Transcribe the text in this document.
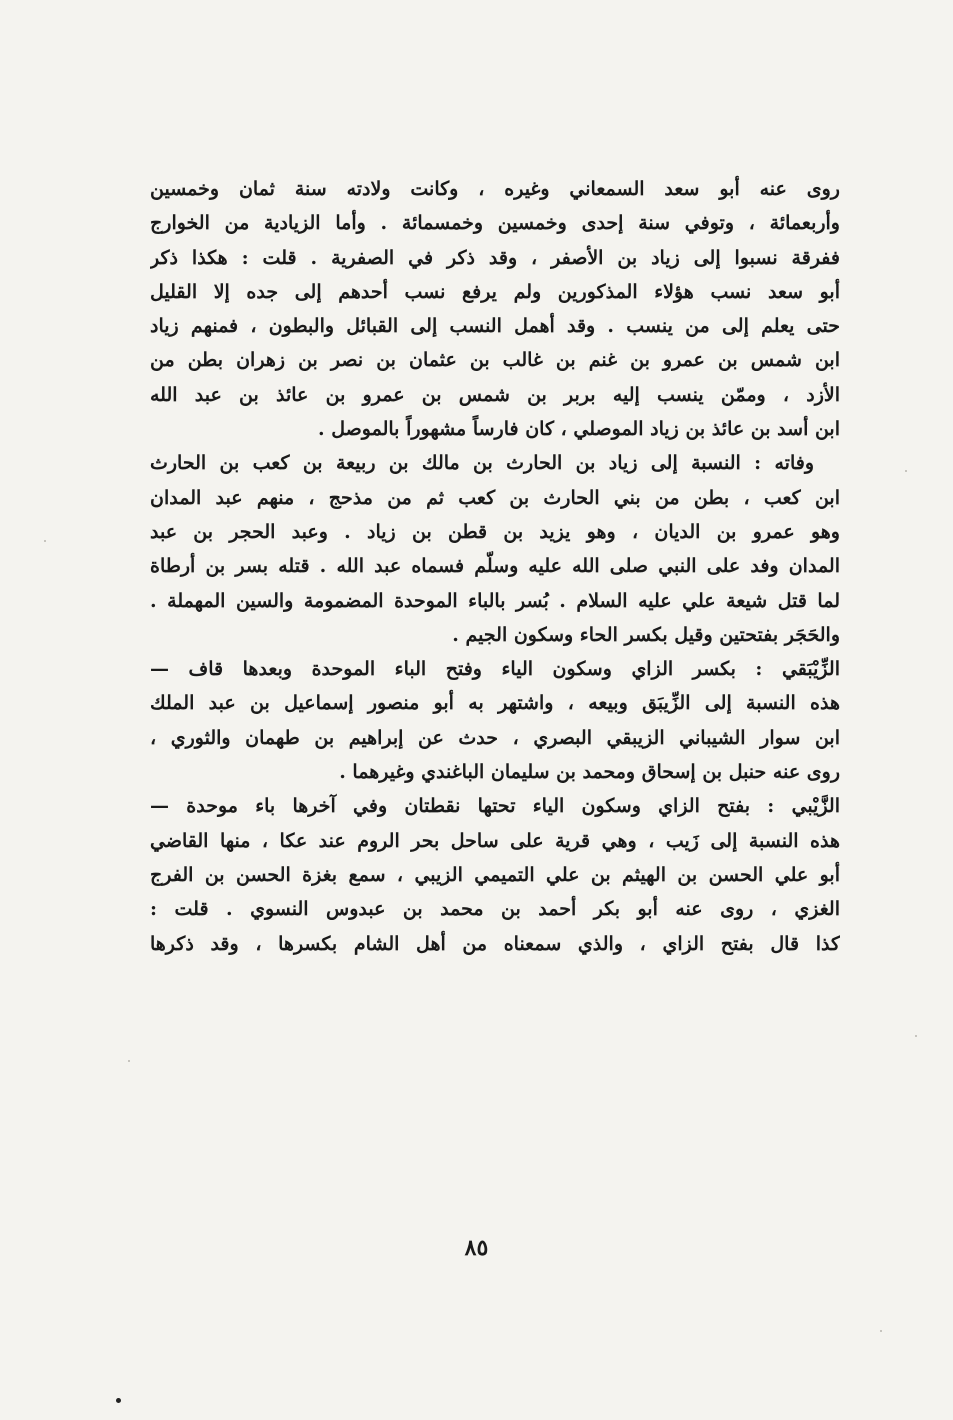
روى عنه أبو سعد السمعاني وغيره ، وكانت ولادته سنة ثمان وخمسين
وأربعمائة ، وتوفي سنة إحدى وخمسين وخمسمائة . وأما الزيادية من الخوارج
ففرقة نسبوا إلى زياد بن الأصفر ، وقد ذكر في الصفرية . قلت : هكذا ذكر
أبو سعد نسب هؤلاء المذكورين ولم يرفع نسب أحدهم إلى جده إلا القليل
حتى يعلم إلى من ينسب . وقد أهمل النسب إلى القبائل والبطون ، فمنهم زياد
ابن شمس بن عمرو بن غنم بن غالب بن عثمان بن نصر بن زهران بطن من
الأزد ، وممّن ينسب إليه بربر بن شمس بن عمرو بن عائذ بن عبد الله
ابن أسد بن عائذ بن زياد الموصلي ، كان فارساً مشهوراً بالموصل .
وفاته : النسبة إلى زياد بن الحارث بن مالك بن ربيعة بن كعب بن الحارث
ابن كعب ، بطن من بني الحارث بن كعب ثم من مذحج ، منهم عبد المدان
وهو عمرو بن الديان ، وهو يزيد بن قطن بن زياد . وعبد الحجر بن عبد
المدان وفد على النبي صلى الله عليه وسلّم فسماه عبد الله . قتله بسر بن أرطاة
لما قتل شيعة علي عليه السلام . بُسر بالباء الموحدة المضمومة والسين المهملة .
والحَجَر بفتحتين وقيل بكسر الحاء وسكون الجيم .
الزِّيْبَقي : بكسر الزاي وسكون الياء وفتح الباء الموحدة وبعدها قاف —
هذه النسبة إلى الزِّيبَق وبيعه ، واشتهر به أبو منصور إسماعيل بن عبد الملك
ابن سوار الشيباني الزيبقي البصري ، حدث عن إبراهيم بن طهمان والثوري ،
روى عنه حنبل بن إسحاق ومحمد بن سليمان الباغندي وغيرهما .
الزَّيْبي : بفتح الزاي وسكون الياء تحتها نقطتان وفي آخرها باء موحدة —
هذه النسبة إلى زَيب ، وهي قرية على ساحل بحر الروم عند عكا ، منها القاضي
أبو علي الحسن بن الهيثم بن علي التميمي الزيبي ، سمع بغزة الحسن بن الفرج
الغزي ، روى عنه أبو بكر أحمد بن محمد بن عبدوس النسوي . قلت :
كذا قال بفتح الزاي ، والذي سمعناه من أهل الشام بكسرها ، وقد ذكرها
٨٥
